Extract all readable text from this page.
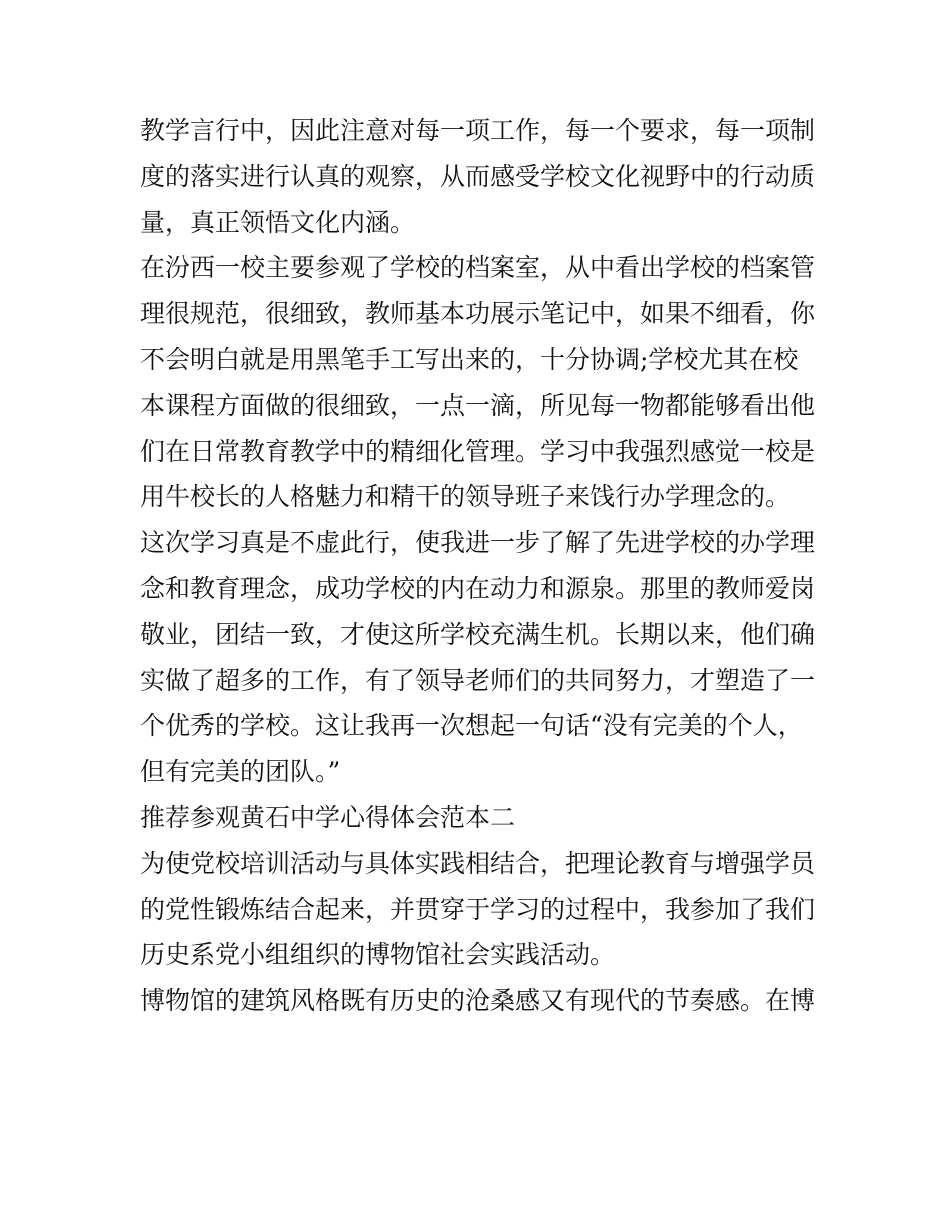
教学言行中，因此注意对每一项工作，每一个要求，每一项制
度的落实进行认真的观察，从而感受学校文化视野中的行动质
量，真正领悟文化内涵。
在汾西一校主要参观了学校的档案室，从中看出学校的档案管
理很规范，很细致，教师基本功展示笔记中，如果不细看，你
不会明白就是用黑笔手工写出来的，十分协调;学校尤其在校
本课程方面做的很细致，一点一滴，所见每一物都能够看出他
们在日常教育教学中的精细化管理。学习中我强烈感觉一校是
用牛校长的人格魅力和精干的领导班子来饯行办学理念的。
这次学习真是不虚此行，使我进一步了解了先进学校的办学理
念和教育理念，成功学校的内在动力和源泉。那里的教师爱岗
敬业，团结一致，才使这所学校充满生机。长期以来，他们确
实做了超多的工作，有了领导老师们的共同努力，才塑造了一
个优秀的学校。这让我再一次想起一句话“没有完美的个人，
但有完美的团队。”
推荐参观黄石中学心得体会范本二
为使党校培训活动与具体实践相结合，把理论教育与增强学员
的党性锻炼结合起来，并贯穿于学习的过程中，我参加了我们
历史系党小组组织的博物馆社会实践活动。
博物馆的建筑风格既有历史的沧桑感又有现代的节奏感。在博
